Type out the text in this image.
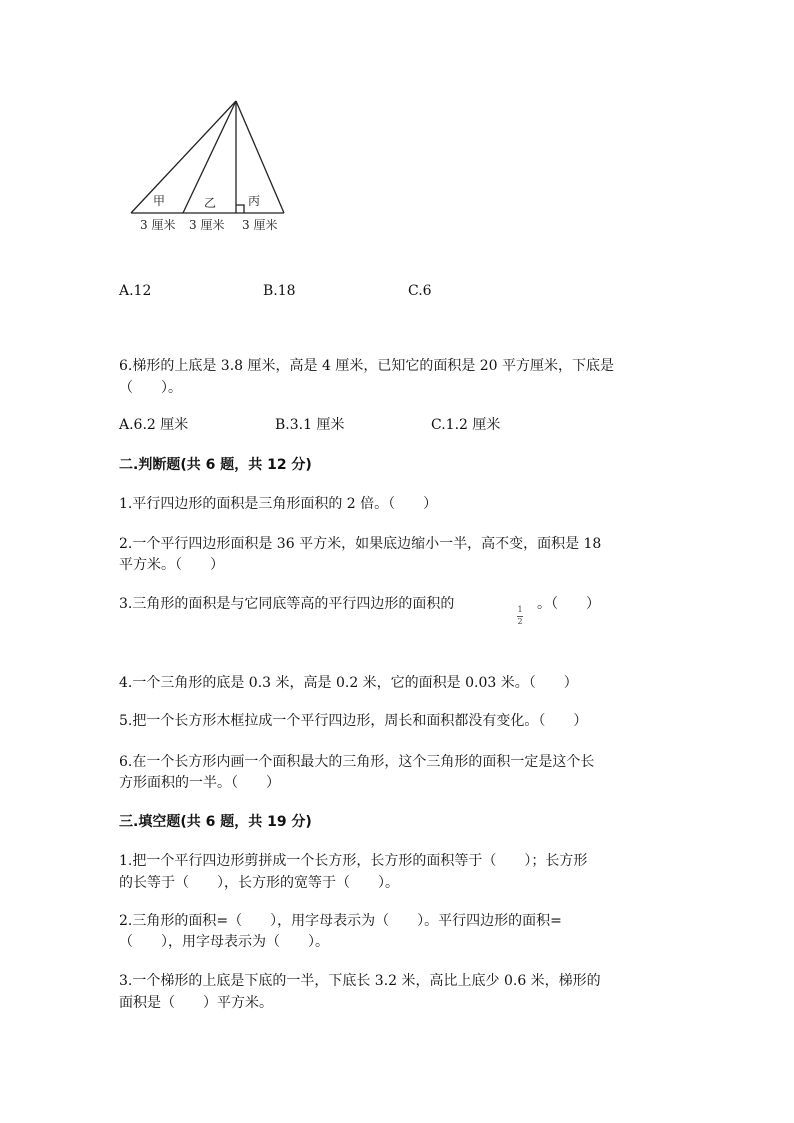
甲	乙	丙
3 厘米 3 厘米 3 厘米
A.12	B.18	C.6
6.梯形的上底是 3.8 厘米，高是 4 厘米，已知它的面积是 20 平方厘米，下底是
（　　）。
A.6.2 厘米	B.3.1 厘米	C.1.2 厘米
二.判断题(共 6 题，共 12 分)
1.平行四边形的面积是三角形面积的 2 倍。（　　）
2.一个平行四边形面积是 36 平方米，如果底边缩小一半，高不变，面积是 18
平方米。（　　）
3.三角形的面积是与它同底等高的平行四边形的面积的	1
2
。（　　）
4.一个三角形的底是 0.3 米，高是 0.2 米，它的面积是 0.03 米。（　　）
5.把一个长方形木框拉成一个平行四边形，周长和面积都没有变化。（　　）
6.在一个长方形内画一个面积最大的三角形，这个三角形的面积一定是这个长
方形面积的一半。（　　）
三.填空题(共 6 题，共 19 分)
1.把一个平行四边形剪拼成一个长方形，长方形的面积等于（　　）；长方形
的长等于（　　），长方形的宽等于（　　）。
2.三角形的面积=（　　），用字母表示为（　　）。平行四边形的面积=
（　　），用字母表示为（　　）。
3.一个梯形的上底是下底的一半，下底长 3.2 米，高比上底少 0.6 米，梯形的
面积是（　　）平方米。
